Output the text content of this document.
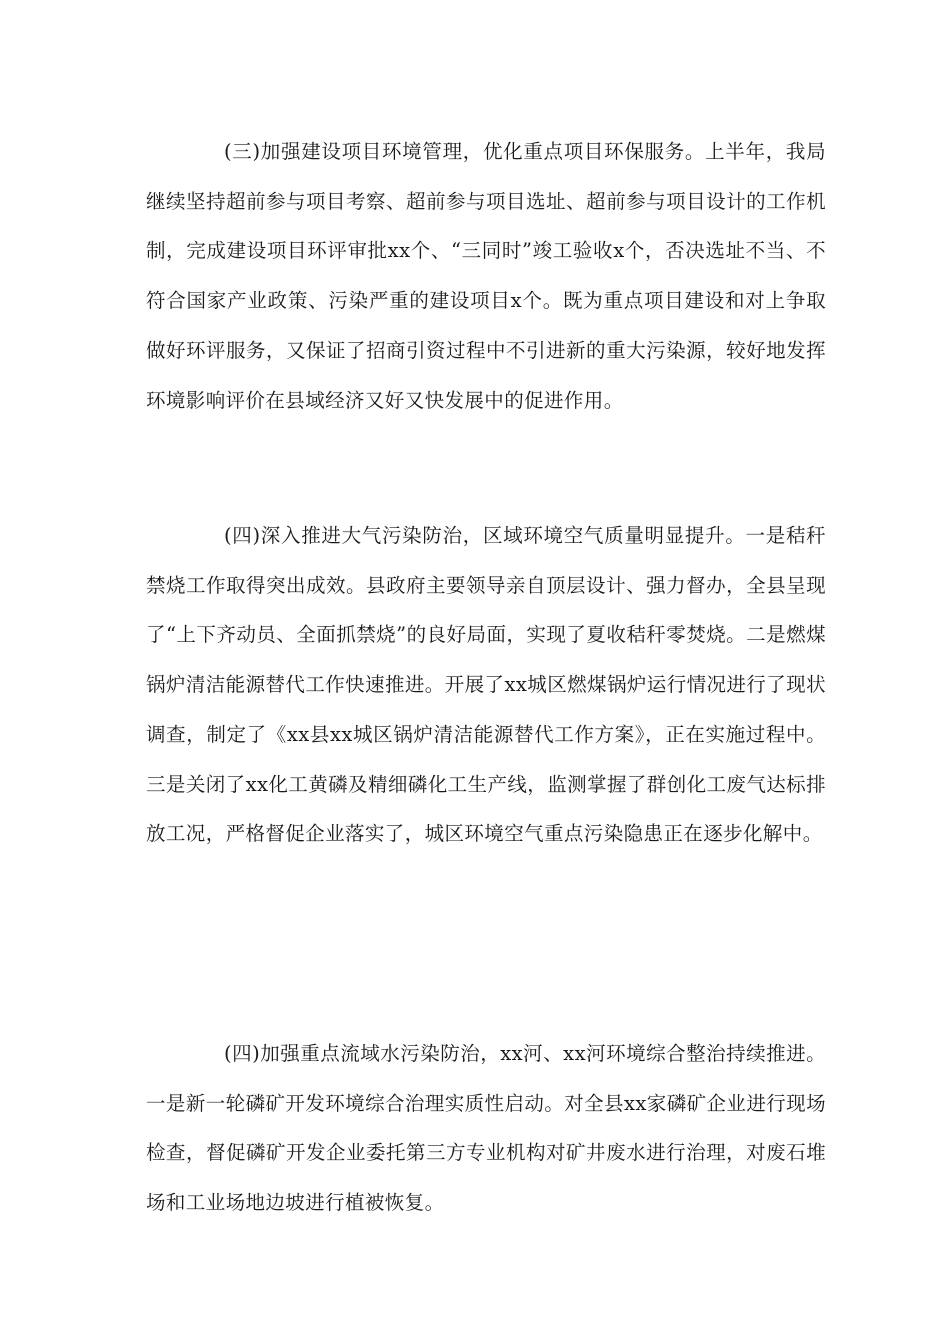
(三)加强建设项目环境管理，优化重点项目环保服务。上半年，我局继续坚持超前参与项目考察、超前参与项目选址、超前参与项目设计的工作机制，完成建设项目环评审批xx个、“三同时”竣工验收x个，否决选址不当、不符合国家产业政策、污染严重的建设项目x个。既为重点项目建设和对上争取做好环评服务，又保证了招商引资过程中不引进新的重大污染源，较好地发挥环境影响评价在县域经济又好又快发展中的促进作用。

(四)深入推进大气污染防治，区域环境空气质量明显提升。一是秸秆禁烧工作取得突出成效。县政府主要领导亲自顶层设计、强力督办，全县呈现了“上下齐动员、全面抓禁烧”的良好局面，实现了夏收秸秆零焚烧。二是燃煤锅炉清洁能源替代工作快速推进。开展了xx城区燃煤锅炉运行情况进行了现状调查，制定了《xx县xx城区锅炉清洁能源替代工作方案》，正在实施过程中。三是关闭了xx化工黄磷及精细磷化工生产线，监测掌握了群创化工废气达标排放工况，严格督促企业落实了，城区环境空气重点污染隐患正在逐步化解中。

(四)加强重点流域水污染防治，xx河、xx河环境综合整治持续推进。一是新一轮磷矿开发环境综合治理实质性启动。对全县xx家磷矿企业进行现场检查，督促磷矿开发企业委托第三方专业机构对矿井废水进行治理，对废石堆场和工业场地边坡进行植被恢复。
